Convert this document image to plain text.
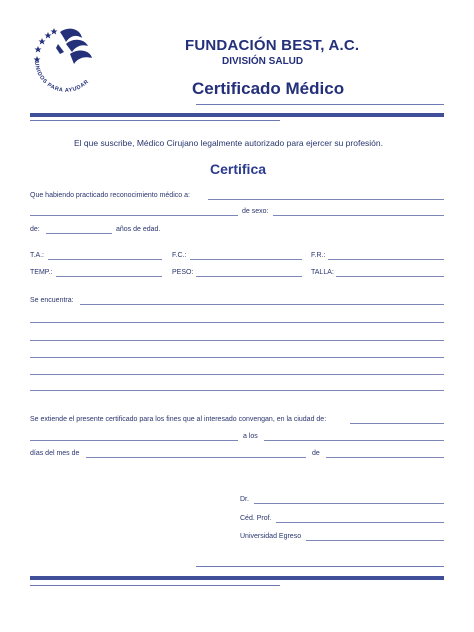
UNIDOS PARA AYUDAR
FUNDACIÓN BEST, A.C.
DIVISIÓN SALUD
Certificado Médico
El que suscribe, Médico Cirujano legalmente autorizado para ejercer su profesión.
Certifica
Que habiendo practicado reconocimiento médico a:
de sexo:
de:	años de edad.
T.A.:	F.C.:	F.R.:
TEMP.:	PESO:	TALLA:
Se encuentra:
Se extiende el presente certificado para los fines que al interesado convengan, en la ciudad de:
a los
días del mes de	de
Dr.
Céd. Prof.
Universidad Egreso
